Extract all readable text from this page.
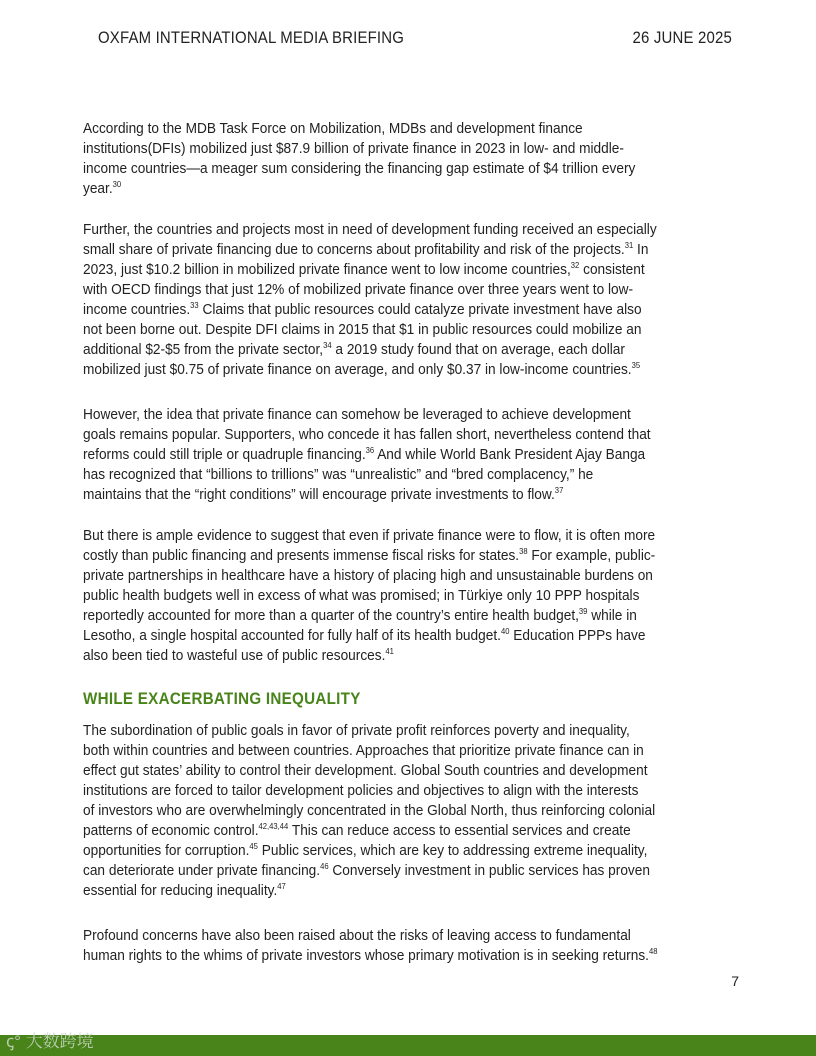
OXFAM INTERNATIONAL MEDIA BRIEFING	26 JUNE 2025
According to the MDB Task Force on Mobilization, MDBs and development finance
institutions(DFIs) mobilized just $87.9 billion of private finance in 2023 in low- and middle-
income countries—a meager sum considering the financing gap estimate of $4 trillion every
year.$^{30}$
Further, the countries and projects most in need of development funding received an especially
small share of private financing due to concerns about profitability and risk of the projects.$^{31}$ In
2023, just $10.2 billion in mobilized private finance went to low income countries,$^{32}$ consistent
with OECD findings that just 12% of mobilized private finance over three years went to low-
income countries.$^{33}$ Claims that public resources could catalyze private investment have also
not been borne out. Despite DFI claims in 2015 that $1 in public resources could mobilize an
additional $2-$5 from the private sector,$^{34}$ a 2019 study found that on average, each dollar
mobilized just $0.75 of private finance on average, and only $0.37 in low-income countries.$^{35}$
However, the idea that private finance can somehow be leveraged to achieve development
goals remains popular. Supporters, who concede it has fallen short, nevertheless contend that
reforms could still triple or quadruple financing.$^{36}$ And while World Bank President Ajay Banga
has recognized that “billions to trillions” was “unrealistic” and “bred complacency,” he
maintains that the “right conditions” will encourage private investments to flow.$^{37}$
But there is ample evidence to suggest that even if private finance were to flow, it is often more
costly than public financing and presents immense fiscal risks for states.$^{38}$ For example, public-
private partnerships in healthcare have a history of placing high and unsustainable burdens on
public health budgets well in excess of what was promised; in Türkiye only 10 PPP hospitals
reportedly accounted for more than a quarter of the country’s entire health budget,$^{39}$ while in
Lesotho, a single hospital accounted for fully half of its health budget.$^{40}$ Education PPPs have
also been tied to wasteful use of public resources.$^{41}$
The subordination of public goals in favor of private profit reinforces poverty and inequality,
both within countries and between countries. Approaches that prioritize private finance can in
effect gut states’ ability to control their development. Global South countries and development
institutions are forced to tailor development policies and objectives to align with the interests
of investors who are overwhelmingly concentrated in the Global North, thus reinforcing colonial
patterns of economic control.$^{42,43,44}$ This can reduce access to essential services and create
opportunities for corruption.$^{45}$ Public services, which are key to addressing extreme inequality,
can deteriorate under private financing.$^{46}$ Conversely investment in public services has proven
essential for reducing inequality.$^{47}$
Profound concerns have also been raised about the risks of leaving access to fundamental
human rights to the whims of private investors whose primary motivation is in seeking returns.$^{48}$
WHILE EXACERBATING INEQUALITY
7
ꞔ° 大数跨境
